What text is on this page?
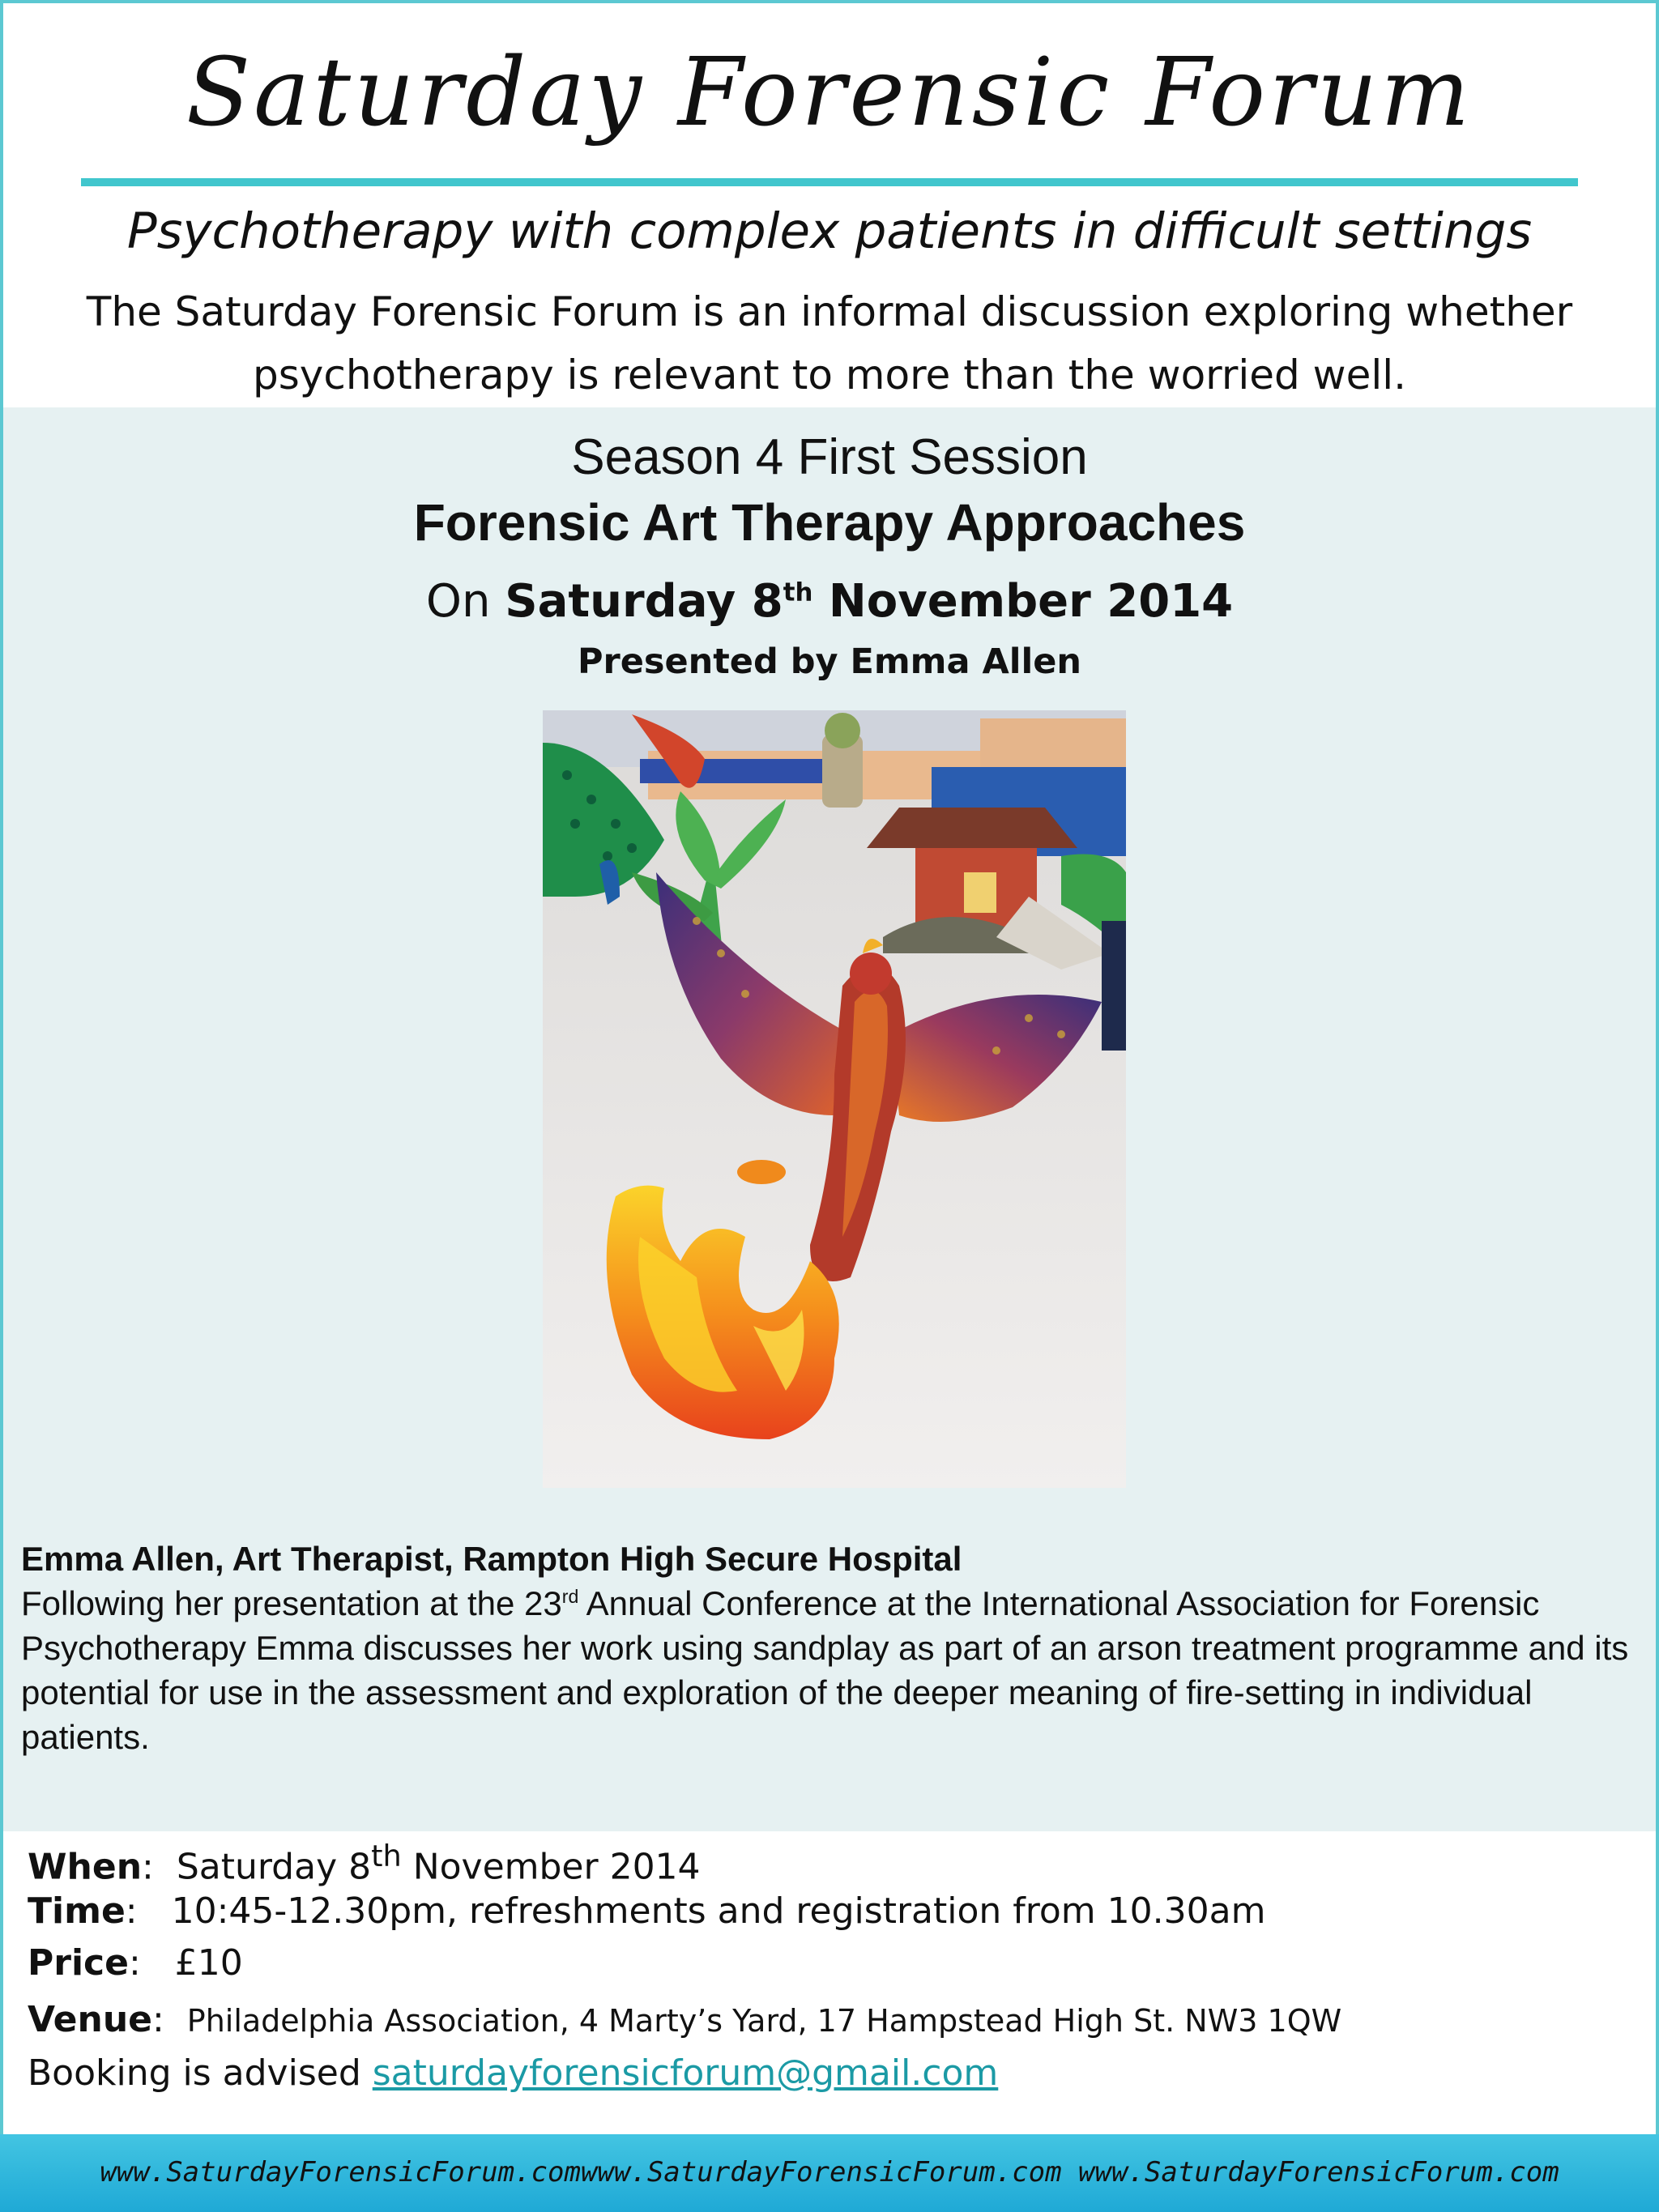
Saturday Forensic Forum
Psychotherapy with complex patients in difficult settings
The Saturday Forensic Forum is an informal discussion exploring whether psychotherapy is relevant to more than the worried well.
Season 4 First Session
Forensic Art Therapy Approaches
On Saturday 8th November 2014
Presented by Emma Allen
Emma Allen, Art Therapist, Rampton High Secure Hospital
Following her presentation at the 23rd Annual Conference at the International Association for Forensic Psychotherapy Emma discusses her work using sandplay as part of an arson treatment programme and its potential for use in the assessment and exploration of the deeper meaning of fire-setting in individual patients.
When:  Saturday 8th November 2014
Time:   10:45-12.30pm, refreshments and registration from 10.30am
Price:   £10
Venue:  Philadelphia Association, 4 Marty’s Yard, 17 Hampstead High St. NW3 1QW
Booking is advised saturdayforensicforum@gmail.com
www.SaturdayForensicForum.comwww.SaturdayForensicForum.com www.SaturdayForensicForum.com
